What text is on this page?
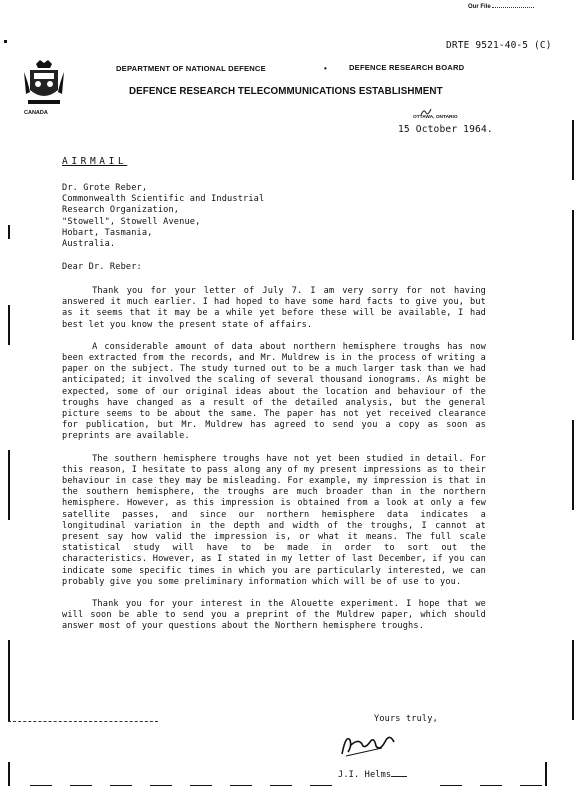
Our File
DRTE 9521-40-5 (C)
CANADA
DEPARTMENT OF NATIONAL DEFENCE	•	DEFENCE RESEARCH BOARD
DEFENCE RESEARCH TELECOMMUNICATIONS ESTABLISHMENT
OTTAWA, ONTARIO
15 October 1964.
AIRMAIL
Dr. Grote Reber,
Commonwealth Scientific and Industrial
Research Organization,
"Stowell", Stowell Avenue,
Hobart, Tasmania,
Australia.
Dear Dr. Reber:

Thank you for your letter of July 7. I am very sorry for not having answered it much earlier. I had hoped to have some hard facts to give you, but as it seems that it may be a while yet before these will be available, I had best let you know the present state of affairs.

A considerable amount of data about northern hemisphere troughs has now been extracted from the records, and Mr. Muldrew is in the process of writing a paper on the subject. The study turned out to be a much larger task than we had anticipated; it involved the scaling of several thousand ionograms. As might be expected, some of our original ideas about the location and behaviour of the troughs have changed as a result of the detailed analysis, but the general picture seems to be about the same. The paper has not yet received clearance for publication, but Mr. Muldrew has agreed to send you a copy as soon as preprints are available.

The southern hemisphere troughs have not yet been studied in detail. For this reason, I hesitate to pass along any of my present impressions as to their behaviour in case they may be misleading. For example, my impression is that in the southern hemisphere, the troughs are much broader than in the northern hemisphere. However, as this impression is obtained from a look at only a few satellite passes, and since our northern hemisphere data indicates a longitudinal variation in the depth and width of the troughs, I cannot at present say how valid the impression is, or what it means. The full scale statistical study will have to be made in order to sort out the characteristics. However, as I stated in my letter of last December, if you can indicate some specific times in which you are particularly interested, we can probably give you some preliminary information which will be of use to you.

Thank you for your interest in the Alouette experiment. I hope that we will soon be able to send you a preprint of the Muldrew paper, which should answer most of your questions about the Northern hemisphere troughs.

Yours truly,
J.I. Helms
